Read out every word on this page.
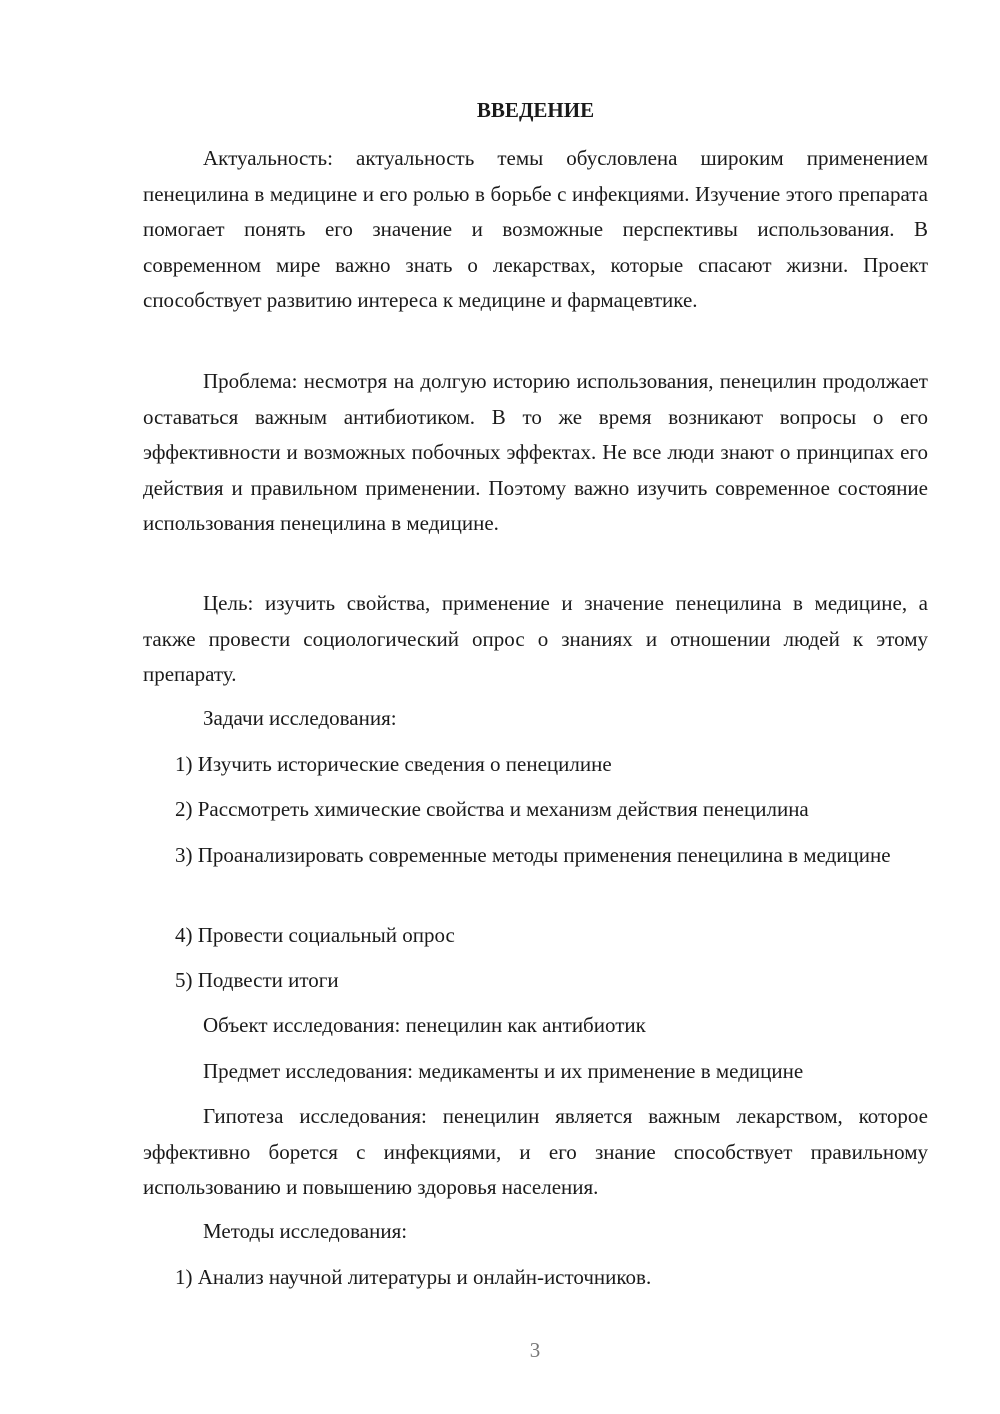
ВВЕДЕНИЕ

Актуальность: актуальность темы обусловлена широким применением пенецилина в медицине и его ролью в борьбе с инфекциями. Изучение этого препарата помогает понять его значение и возможные перспективы использования. В современном мире важно знать о лекарствах, которые спасают жизни. Проект способствует развитию интереса к медицине и фармацевтике.

Проблема: несмотря на долгую историю использования, пенецилин продолжает оставаться важным антибиотиком. В то же время возникают вопросы о его эффективности и возможных побочных эффектах. Не все люди знают о принципах его действия и правильном применении. Поэтому важно изучить современное состояние использования пенецилина в медицине.

Цель: изучить свойства, применение и значение пенецилина в медицине, а также провести социологический опрос о знаниях и отношении людей к этому препарату.

Задачи исследования:

1) Изучить исторические сведения о пенецилине

2) Рассмотреть химические свойства и механизм действия пенецилина

3) Проанализировать современные методы применения пенецилина в медицине

4) Провести социальный опрос

5) Подвести итоги

Объект исследования: пенецилин как антибиотик

Предмет исследования: медикаменты и их применение в медицине

Гипотеза исследования: пенецилин является важным лекарством, которое эффективно борется с инфекциями, и его знание способствует правильному использованию и повышению здоровья населения.

Методы исследования:

1) Анализ научной литературы и онлайн-источников.

3
